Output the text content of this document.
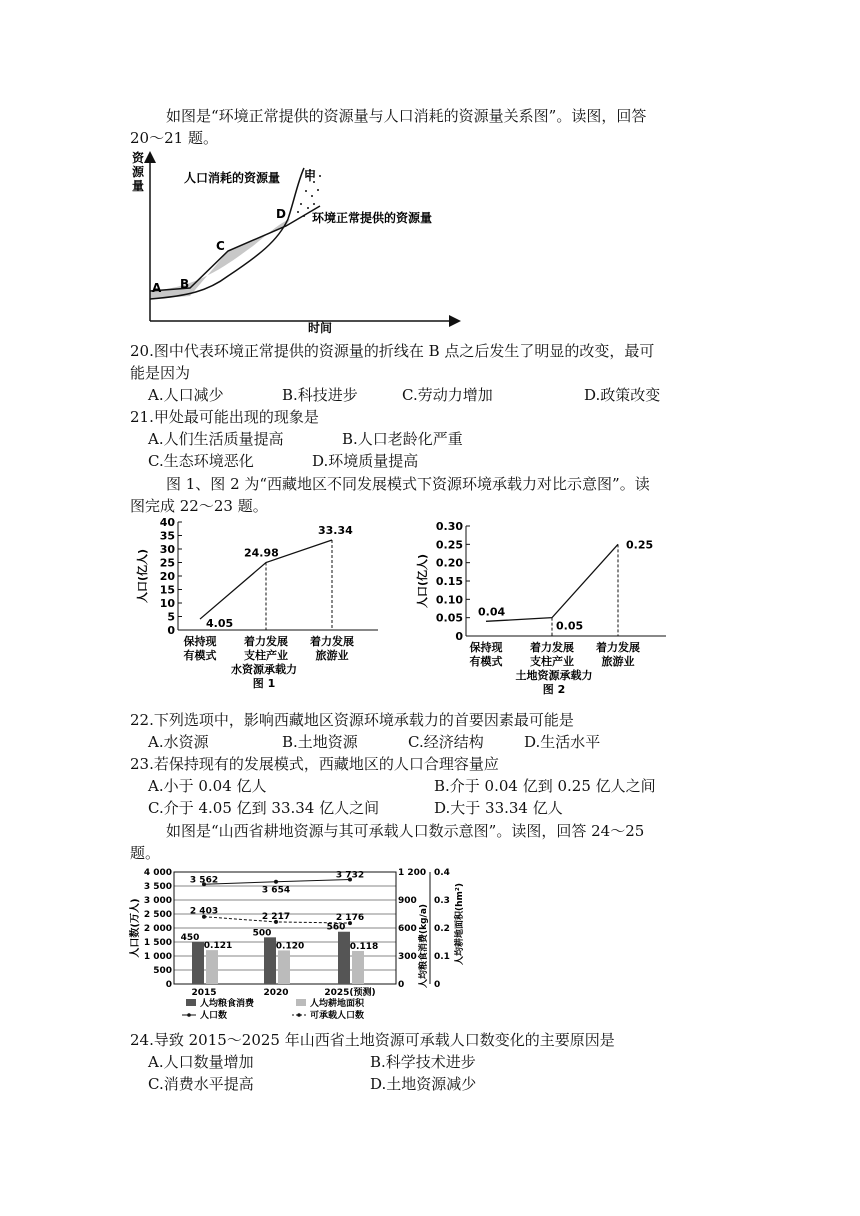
如图是“环境正常提供的资源量与人口消耗的资源量关系图”。读图，回答
20～21 题。
资
源
量
时间
人口消耗的资源量 甲
环境正常提供的资源量
A B
C
D
20.图中代表环境正常提供的资源量的折线在 B 点之后发生了明显的改变，最可
能是因为
A.人口减少	B.科技进步	C.劳动力增加	D.政策改变
21.甲处最可能出现的现象是
A.人们生活质量提高	B.人口老龄化严重
C.生态环境恶化	D.环境质量提高
图 1、图 2 为“西藏地区不同发展模式下资源环境承载力对比示意图”。读
图完成 22～23 题。
0
5
10
15
20
25
30
35
40
人口(亿人)
4.05
24.98
33.34
保持现
有模式
着力发展
支柱产业
着力发展
旅游业
水资源承载力
图 1
0
0.05
0.10
0.15
0.20
0.25
0.30
人口(亿人)
0.04
0.05
0.25
保持现
有模式
着力发展
支柱产业
着力发展
旅游业
土地资源承载力
图 2
22.下列选项中，影响西藏地区资源环境承载力的首要因素最可能是
A.水资源	B.土地资源	C.经济结构	D.生活水平
23.若保持现有的发展模式，西藏地区的人口合理容量应
A.小于 0.04 亿人	B.介于 0.04 亿到 0.25 亿人之间
C.介于 4.05 亿到 33.34 亿人之间	D.大于 33.34 亿人
如图是“山西省耕地资源与其可承载人口数示意图”。读图，回答 24～25
题。
0
500
1 000
1 500
2 000
2 500
3 000
3 500
4 000
0
300
600
900
1 200
0
0.1
0.2
0.3
0.4
人口数(万人)	人均粮食消费(kg/a)	人均耕地面积(hm²)
450	500
560
0.121	0.120	0.118
3 562
3 654
3 732
2 403
2 217	2 176
2015	2020	2025(预测)
人均粮食消费	人均耕地面积
人口数	可承载人口数
24.导致 2015～2025 年山西省土地资源可承载人口数变化的主要原因是
A.人口数量增加	B.科学技术进步
C.消费水平提高	D.土地资源减少
